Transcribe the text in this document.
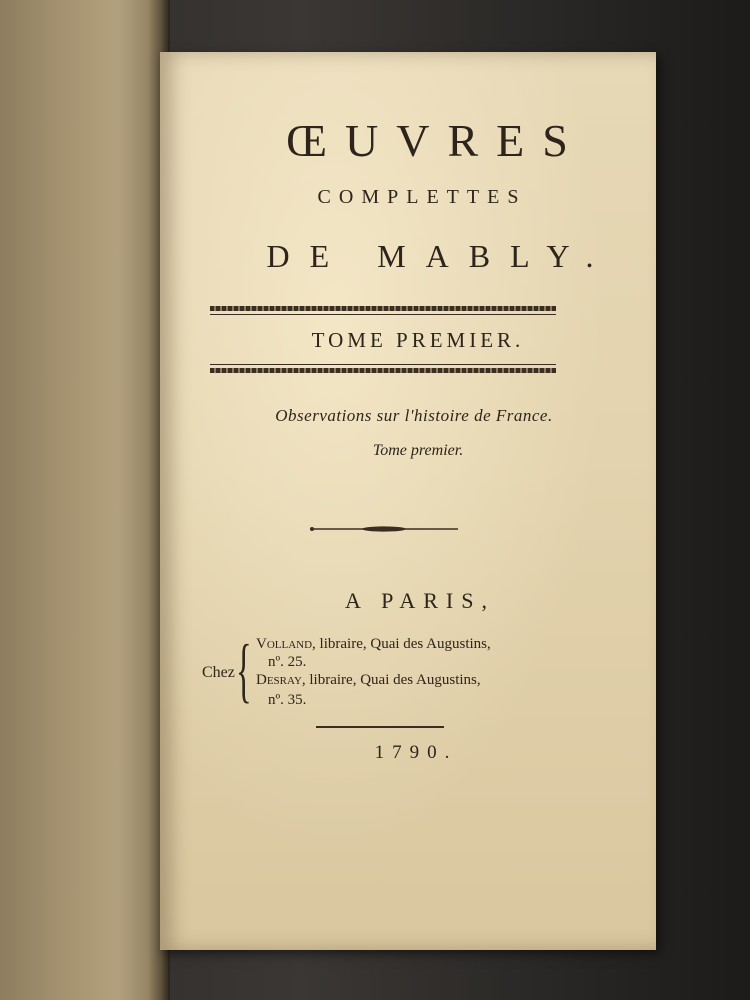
ŒUVRES
COMPLETTES
DE MABLY.
TOME PREMIER.
Observations sur l'histoire de France.
Tome premier.
A PARIS,
Chez { Volland, libraire, Quai des Augustins,
nº. 25.
Desray, libraire, Quai des Augustins,
nº. 35.
1790.
